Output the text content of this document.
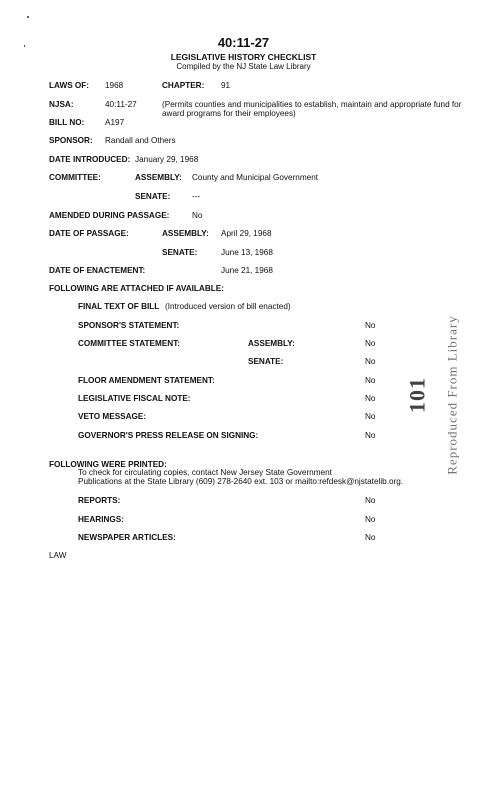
40:11-27
LEGISLATIVE HISTORY CHECKLIST
Compiled by the NJ State Law Library
LAWS OF: 1968	CHAPTER: 91
NJSA:	40:11-27	(Permits counties and municipalities to establish, maintain and appropriate fund for award programs for their employees)
BILL NO:	A197
SPONSOR: Randall and Others
DATE INTRODUCED: January 29, 1968
COMMITTEE:	ASSEMBLY: County and Municipal Government
SENATE:	---
AMENDED DURING PASSAGE:	No
DATE OF PASSAGE:	ASSEMBLY: April 29, 1968
SENATE:	June 13, 1968
DATE OF ENACTEMENT:	June 21, 1968
FOLLOWING ARE ATTACHED IF AVAILABLE:
FINAL TEXT OF BILL (Introduced version of bill enacted)
SPONSOR'S STATEMENT:	No
COMMITTEE STATEMENT:	ASSEMBLY:	No
SENATE:	No
FLOOR AMENDMENT STATEMENT:	No
LEGISLATIVE FISCAL NOTE:	No
VETO MESSAGE:	No
GOVERNOR'S PRESS RELEASE ON SIGNING:	No
FOLLOWING WERE PRINTED:
To check for circulating copies, contact New Jersey State Government
Publications at the State Library (609) 278-2640 ext. 103 or mailto:refdesk@njstatelib.org.
REPORTS:	No
HEARINGS:	No
NEWSPAPER ARTICLES:	No
LAW
Reproduced From Library
101
